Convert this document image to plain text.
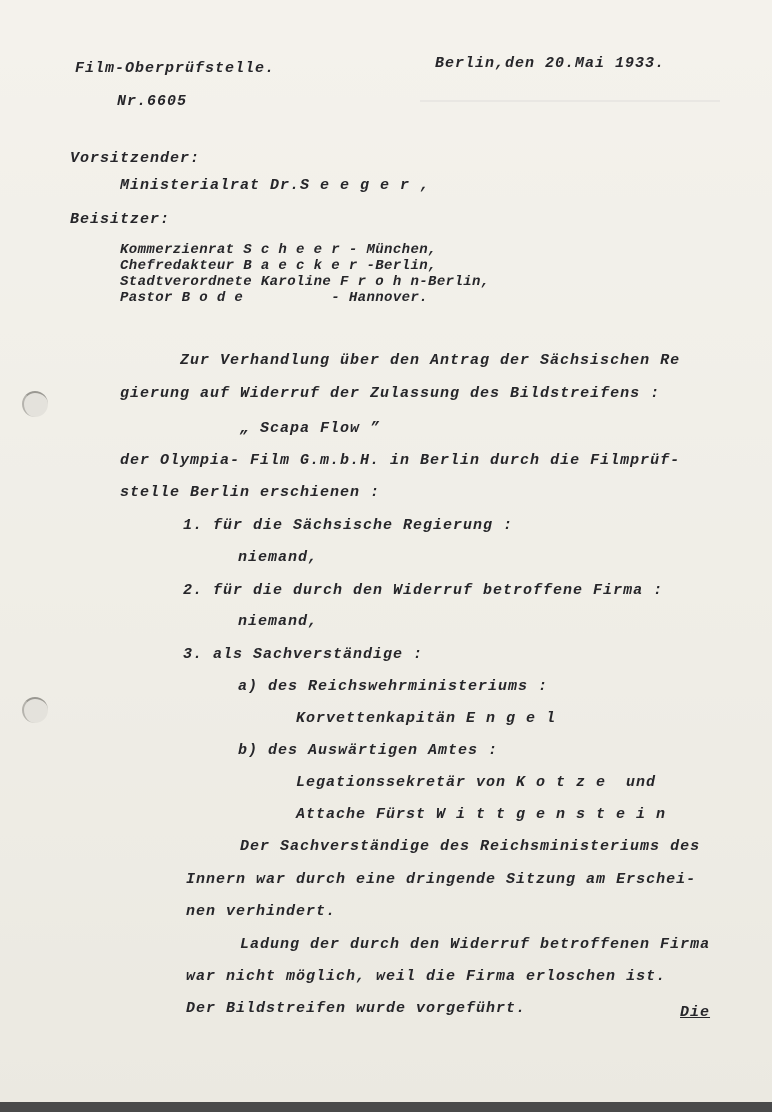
Film-Oberprüfstelle.	Berlin,den 20.Mai 1933.
Nr.6605
Vorsitzender:
Ministerialrat Dr.S e e g e r ,
Beisitzer:
Kommerzienrat S c h e e r - München,
Chefredakteur B a e c k e r -Berlin,
Stadtverordnete Karoline F r o h n-Berlin,
Pastor B o d e          - Hannover.
Zur Verhandlung über den Antrag der Sächsischen Re
gierung auf Widerruf der Zulassung des Bildstreifens :
„ Scapa Flow ”
der Olympia- Film G.m.b.H. in Berlin durch die Filmprüf-
stelle Berlin erschienen :
1. für die Sächsische Regierung :
niemand,
2. für die durch den Widerruf betroffene Firma :
niemand,
3. als Sachverständige :
a) des Reichswehrministeriums :
Korvettenkapitän E n g e l
b) des Auswärtigen Amtes :
Legationssekretär von K o t z e  und
Attache Fürst W i t t g e n s t e i n
Der Sachverständige des Reichsministeriums des
Innern war durch eine dringende Sitzung am Erschei-
nen verhindert.
Ladung der durch den Widerruf betroffenen Firma
war nicht möglich, weil die Firma erloschen ist.
Der Bildstreifen wurde vorgeführt.	Die
